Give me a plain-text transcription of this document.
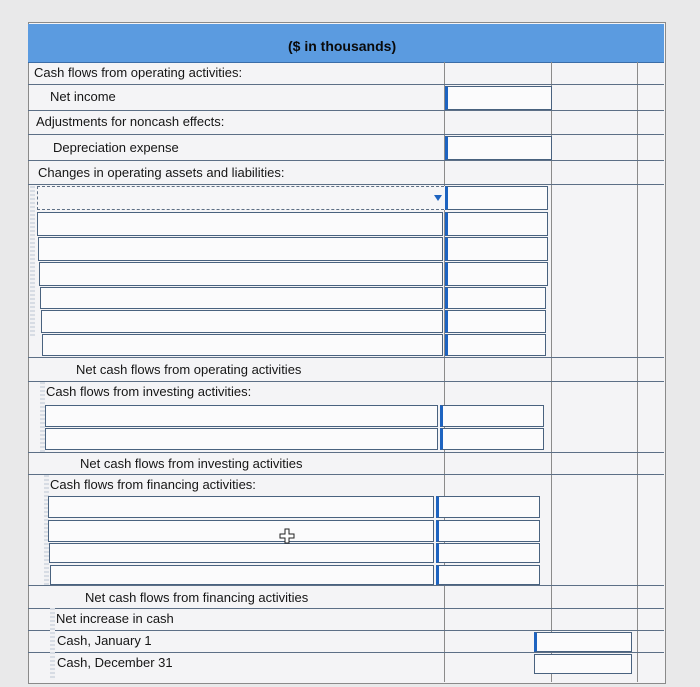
($ in thousands)
Cash flows from operating activities:
Net income
Adjustments for noncash effects:
Depreciation expense
Changes in operating assets and liabilities:
Net cash flows from operating activities
Cash flows from investing activities:
Net cash flows from investing activities
Cash flows from financing activities:
Net cash flows from financing activities
Net increase in cash
Cash, January 1
Cash, December 31
